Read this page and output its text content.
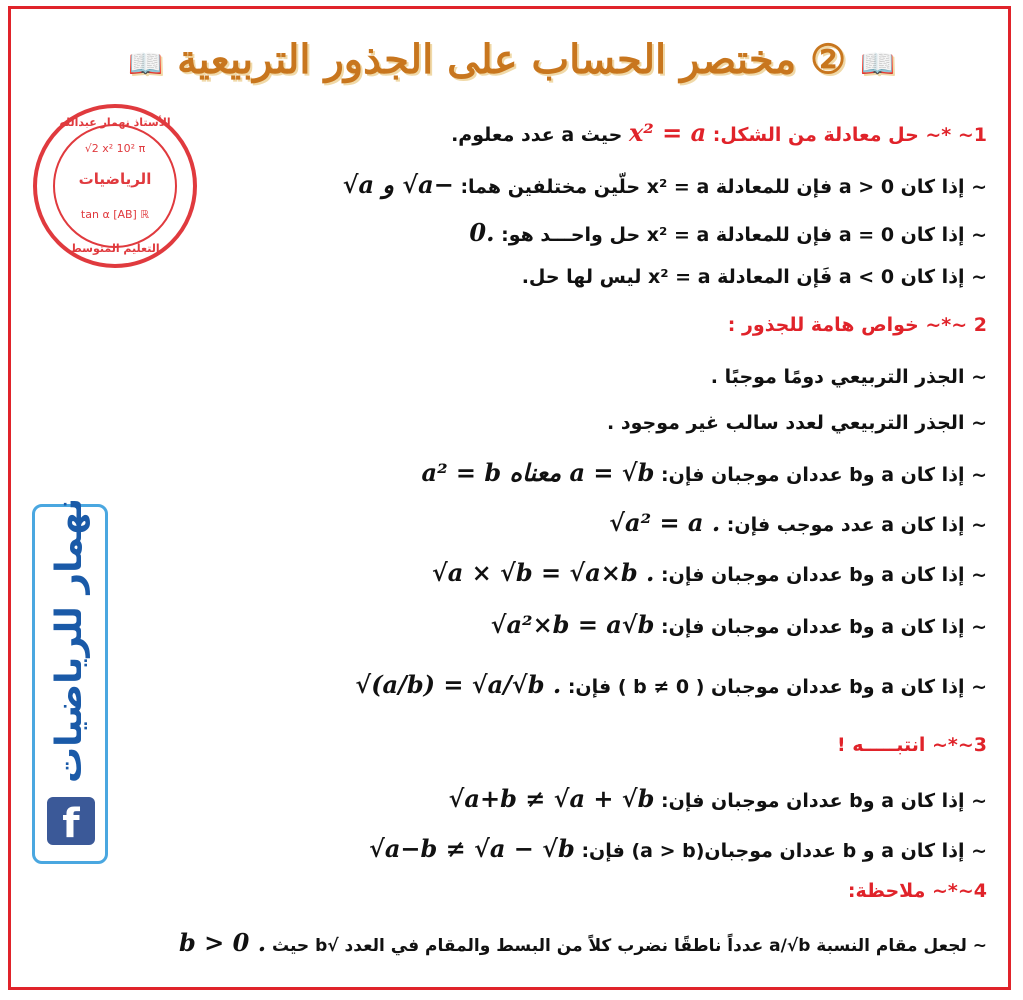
📖② مختصر الحساب على الجذور التربيعية📖
الأستاذ نهمار عبدالله
√2 x² 10² π
الرياضيات
tan α [AB] ℝ
التعليم المتوسط
نهمار للرياضيات
f
1~ *~ حل معادلة من الشكل: x² = a حيث a عدد معلوم.
~ إذا كان 0 < a فإن للمعادلة x² = a حلّين مختلفين هما: √a و √a−
~ إذا كان a = 0 فإن للمعادلة x² = a حل واحـــد هو: 0.
~ إذا كان 0 > a فَإن المعادلة x² = a ليس لها حل.
2 ~*~ خواص هامة للجذور :
~ الجذر التربيعي دومًا موجبًا .
~ الجذر التربيعي لعدد سالب غير موجود .
~ إذا كان a وb عددان موجبان فإن: a² = b معناه a = √b
~ إذا كان a عدد موجب فإن: √a² = a .
~ إذا كان a وb عددان موجبان فإن: √a × √b = √a×b .
~ إذا كان a وb عددان موجبان فإن: √a²×b = a√b
~ إذا كان a وb عددان موجبان ( b ≠ 0 ) فإن: √(a/b) = √a/√b .
3~*~ انتبـــــه !
~ إذا كان a وb عددان موجبان فإن: √a+b ≠ √a + √b
~ إذا كان a و b عددان موجبان(a > b) فإن: √a−b ≠ √a − √b
4~*~ ملاحظة:
~ لجعل مقام النسبة a/√b عدداً ناطقًا نضرب كلاً من البسط والمقام في العدد √b حيث b > 0 .
